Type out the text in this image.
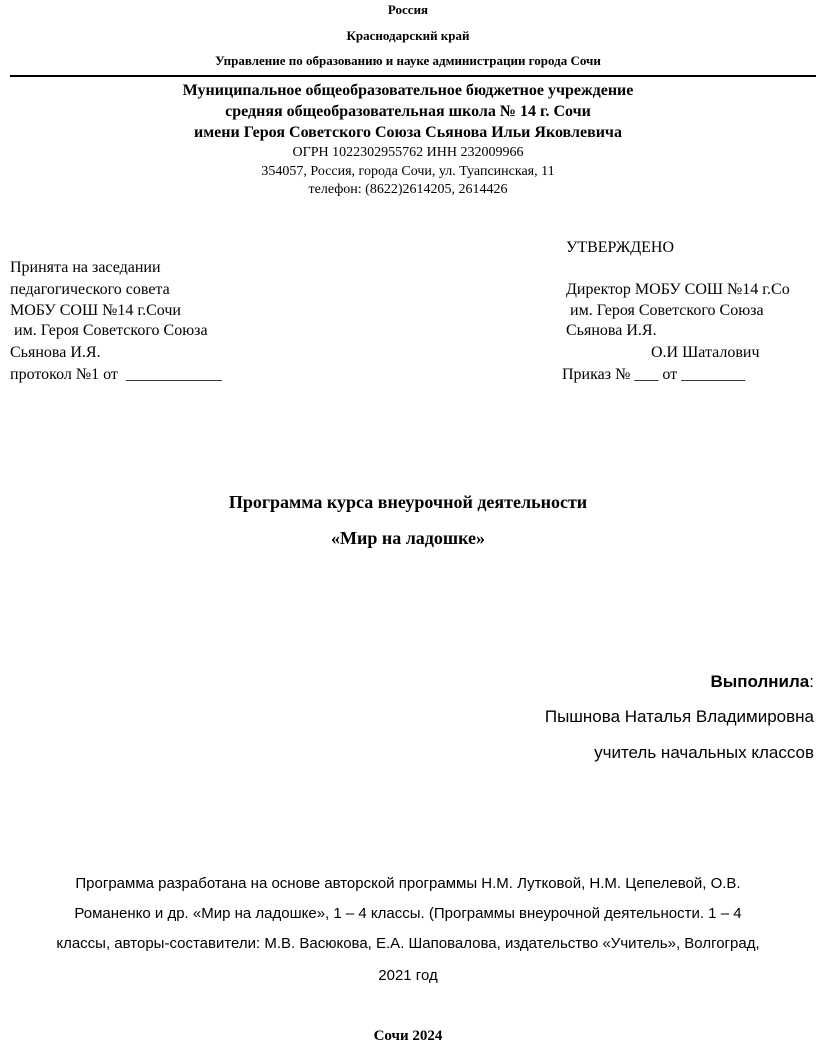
Россия
Краснодарский край
Управление по образованию и науке администрации города Сочи
Муниципальное общеобразовательное бюджетное учреждение
средняя общеобразовательная школа № 14 г. Сочи
имени Героя Советского Союза Сьянова Ильи Яковлевича
ОГРН 1022302955762 ИНН 232009966
354057, Россия, города Сочи, ул. Туапсинская, 11
телефон: (8622)2614205, 2614426
Принята на заседании
педагогического совета
МОБУ СОШ №14 г.Сочи
им. Героя Советского Союза
Сьянова И.Я.
протокол №1 от  ____________
УТВЕРЖДЕНО
Директор МОБУ СОШ №14 г.Со
им. Героя Советского Союза
Сьянова И.Я.
О.И Шаталович
Приказ № ___ от ________
Программа курса внеурочной деятельности
«Мир на ладошке»
Выполнила:
Пышнова Наталья Владимировна
учитель начальных классов
Программа разработана на основе авторской программы Н.М. Лутковой, Н.М. Цепелевой, О.В.
Романенко и др. «Мир на ладошке», 1 – 4 классы. (Программы внеурочной деятельности. 1 – 4
классы, авторы-составители: М.В. Васюкова, Е.А. Шаповалова, издательство «Учитель», Волгоград,
2021 год
Сочи 2024
